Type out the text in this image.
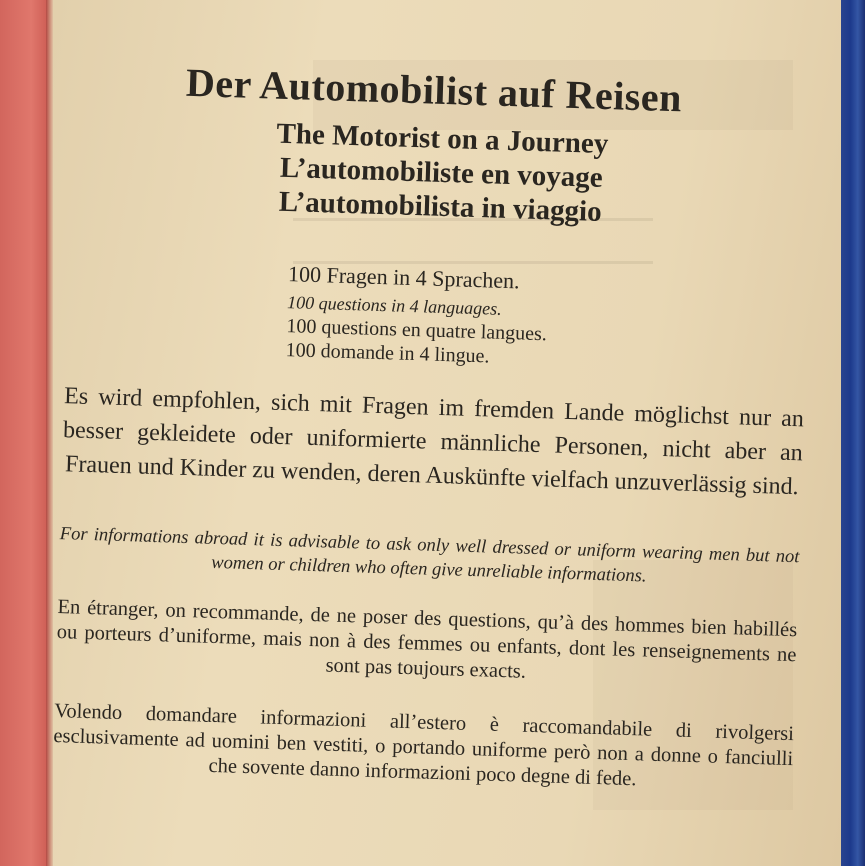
Der Automobilist auf Reisen
The Motorist on a Journey
L’automobiliste en voyage
L’automobilista in viaggio
100 Fragen in 4 Sprachen.
100 questions in 4 languages.
100 questions en quatre langues.
100 domande in 4 lingue.
Es wird empfohlen, sich mit Fragen im fremden Lande möglichst nur an besser gekleidete oder uniformierte männliche Personen, nicht aber an Frauen und Kinder zu wenden, deren Auskünfte vielfach unzuverlässig sind.
For informations abroad it is advisable to ask only well dressed or uniform wearing men but not women or children who often give unreliable informations.
En étranger, on recommande, de ne poser des questions, qu’à des hommes bien habillés ou porteurs d’uniforme, mais non à des femmes ou enfants, dont les renseignements ne sont pas toujours exacts.
Volendo domandare informazioni all’estero è raccomandabile di rivolgersi esclusivamente ad uomini ben vestiti, o portando uniforme però non a donne o fanciulli che sovente danno informazioni poco degne di fede.
